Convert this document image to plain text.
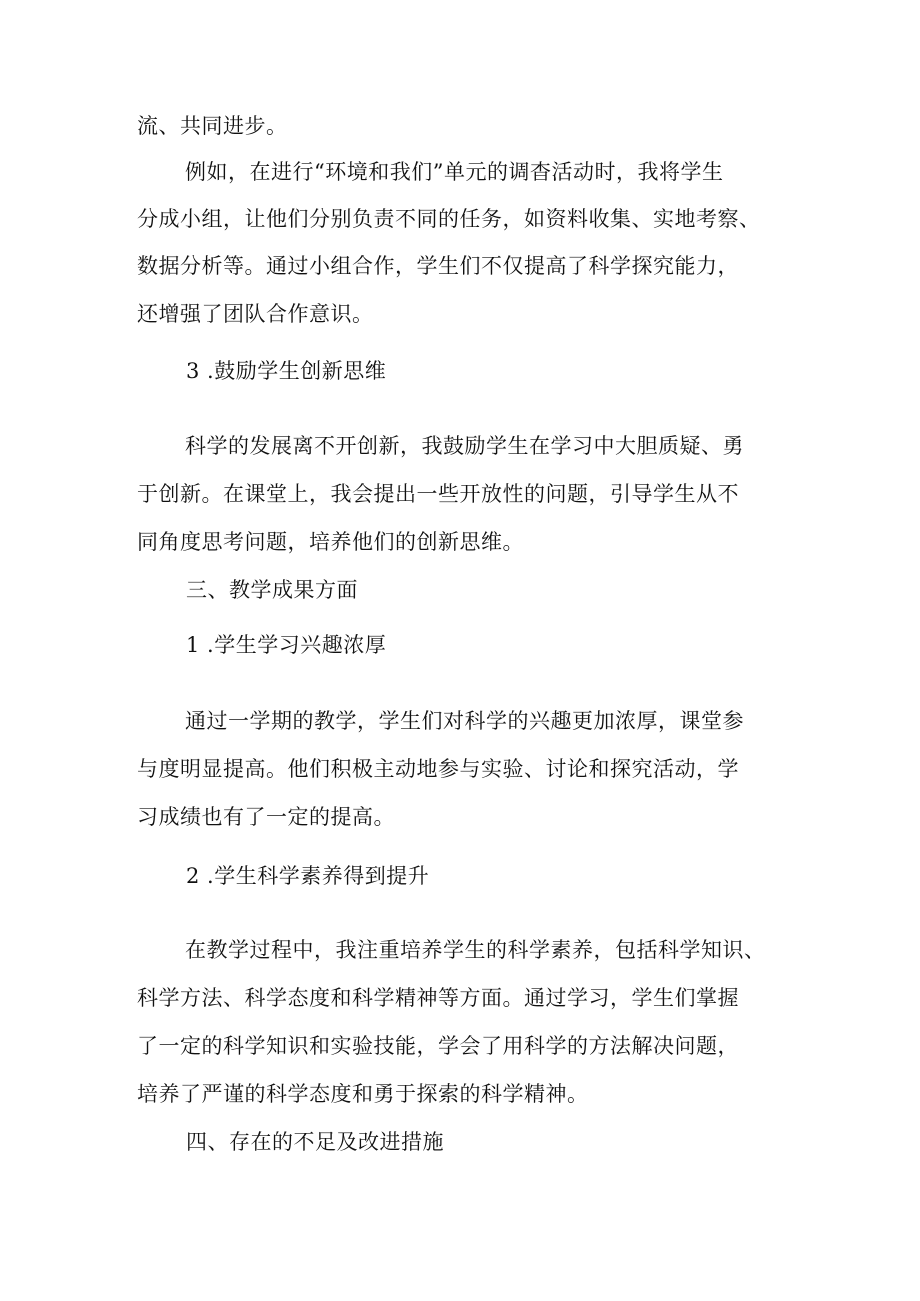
流、共同进步。
例如，在进行“环境和我们”单元的调杳活动时，我将学生
分成小组，让他们分别负责不同的任务，如资料收集、实地考察、
数据分析等。通过小组合作，学生们不仅提高了科学探究能力，
还增强了团队合作意识。
3 .鼓励学生创新思维
科学的发展离不开创新，我鼓励学生在学习中大胆质疑、勇
于创新。在课堂上，我会提出一些开放性的问题，引导学生从不
同角度思考问题，培养他们的创新思维。
三、教学成果方面
1 .学生学习兴趣浓厚
通过一学期的教学，学生们对科学的兴趣更加浓厚，课堂参
与度明显提高。他们积极主动地参与实验、讨论和探究活动，学
习成绩也有了一定的提高。
2 .学生科学素养得到提升
在教学过程中，我注重培养学生的科学素养，包括科学知识、
科学方法、科学态度和科学精神等方面。通过学习，学生们掌握
了一定的科学知识和实验技能，学会了用科学的方法解决问题，
培养了严谨的科学态度和勇于探索的科学精神。
四、存在的不足及改进措施
